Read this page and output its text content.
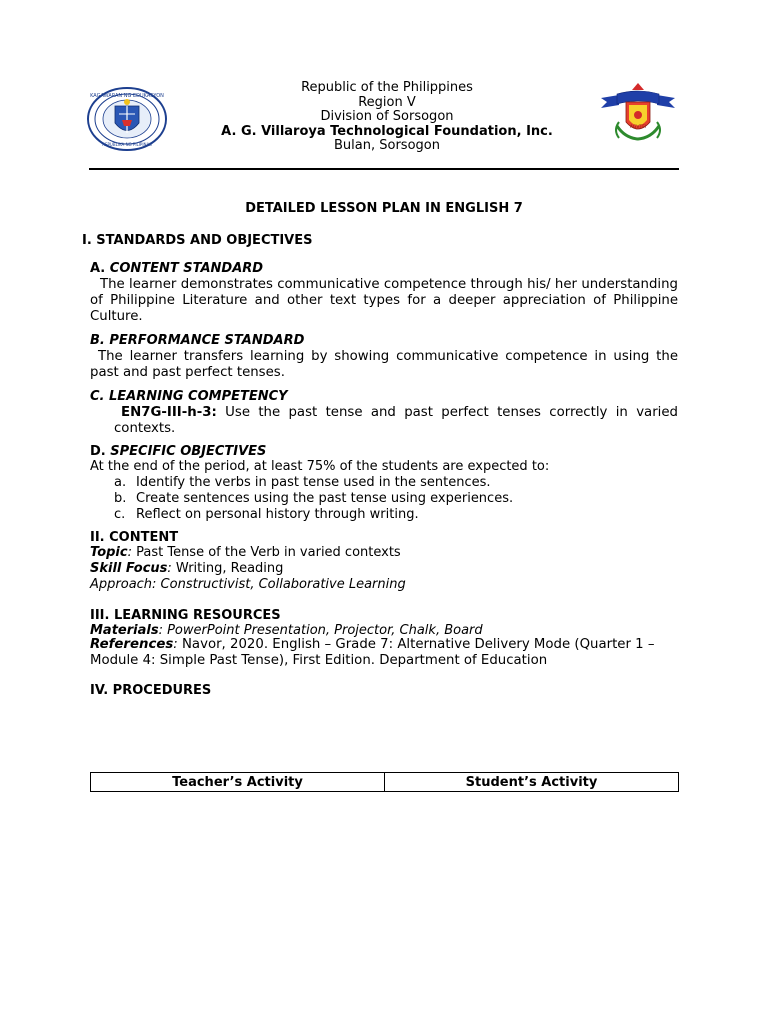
KAGAWARAN NG EDUKASYON
REPUBLIKA NG PILIPINAS
AGVTFI
Republic of the Philippines
Region V
Division of Sorsogon
A. G. Villaroya Technological Foundation, Inc.
Bulan, Sorsogon
DETAILED LESSON PLAN IN ENGLISH 7
I. STANDARDS AND OBJECTIVES
A. CONTENT STANDARD
The learner demonstrates communicative competence through his/ her understanding of Philippine Literature and other text types for a deeper appreciation of Philippine Culture.
B. PERFORMANCE STANDARD
The learner transfers learning by showing communicative competence in using the past and past perfect tenses.
C. LEARNING COMPETENCY
EN7G-III-h-3: Use the past tense and past perfect tenses correctly in varied contexts.
D. SPECIFIC OBJECTIVES
At the end of the period, at least 75% of the students are expected to:
a. Identify the verbs in past tense used in the sentences.
b. Create sentences using the past tense using experiences.
c. Reflect on personal history through writing.
II. CONTENT
Topic: Past Tense of the Verb in varied contexts
Skill Focus: Writing, Reading
Approach: Constructivist, Collaborative Learning
III. LEARNING RESOURCES
Materials: PowerPoint Presentation, Projector, Chalk, Board
References: Navor, 2020. English – Grade 7: Alternative Delivery Mode (Quarter 1 – Module 4: Simple Past Tense), First Edition. Department of Education
IV. PROCEDURES
Teacher’s Activity	Student’s Activity
